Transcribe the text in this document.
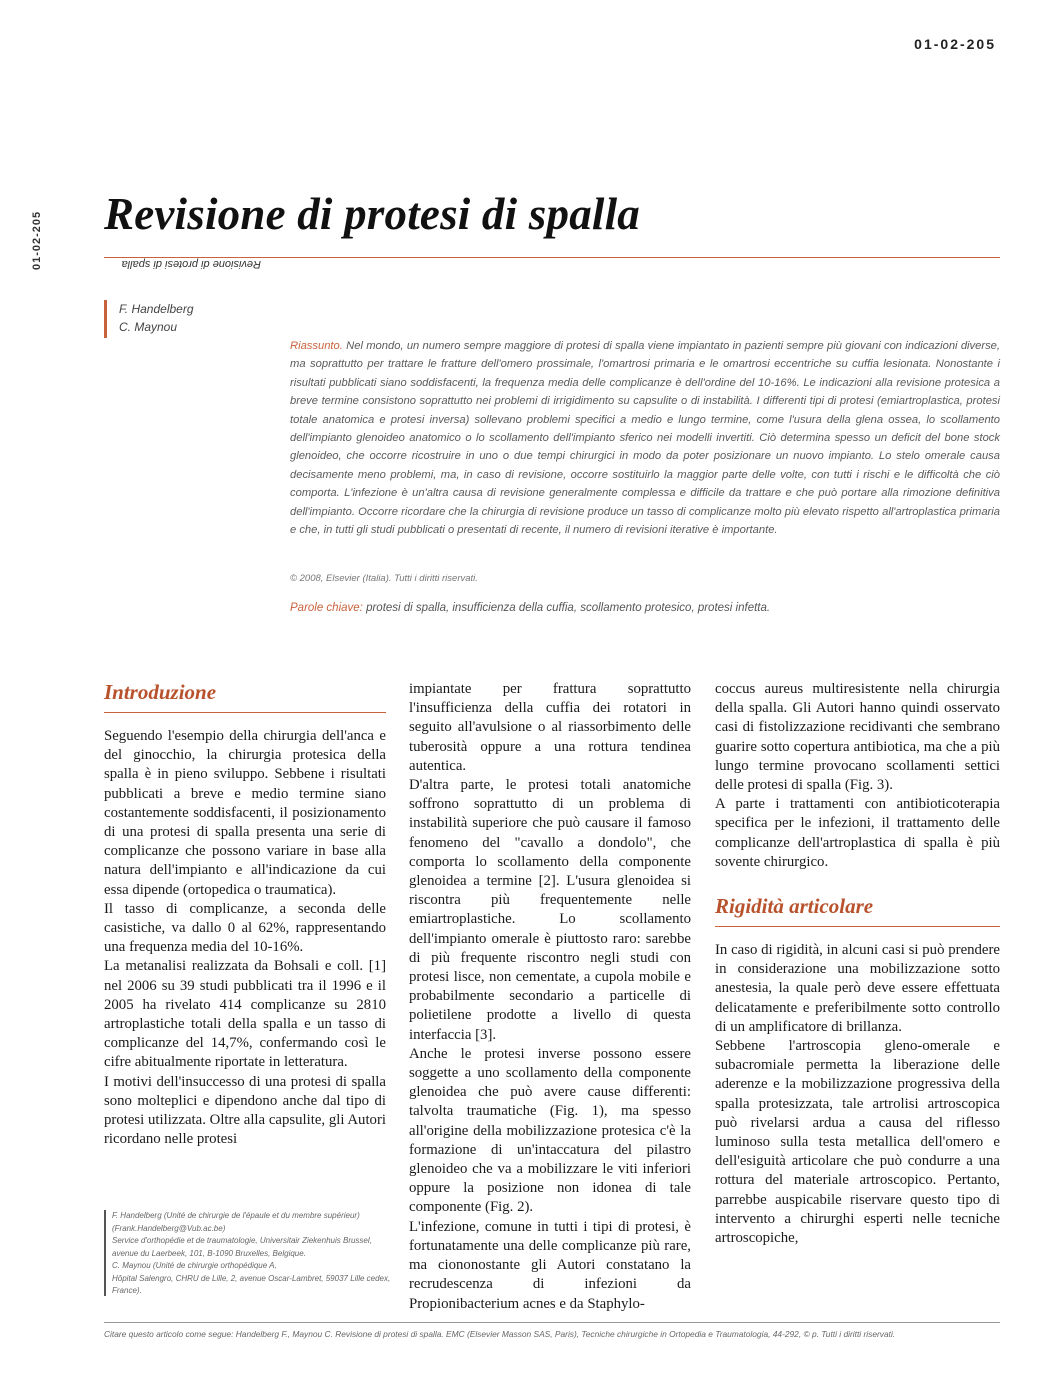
Revisione di protesi di spalla
01-02-205
01-02-205
Revisione di protesi di spalla
F. Handelberg
C. Maynou

Riassunto. Nel mondo, un numero sempre maggiore di protesi di spalla viene impiantato in pazienti sempre più giovani con indicazioni diverse, ma soprattutto per trattare le fratture dell'omero prossimale, l'omartrosi primaria e le omartrosi eccentriche su cuffia lesionata. Nonostante i risultati pubblicati siano soddisfacenti, la frequenza media delle complicanze è dell'ordine del 10-16%. Le indicazioni alla revisione protesica a breve termine consistono soprattutto nei problemi di irrigidimento su capsulite o di instabilità. I differenti tipi di protesi (emiartroplastica, protesi totale anatomica e protesi inversa) sollevano problemi specifici a medio e lungo termine, come l'usura della glena ossea, lo scollamento dell'impianto glenoideo anatomico o lo scollamento dell'impianto sferico nei modelli invertiti. Ciò determina spesso un deficit del bone stock glenoideo, che occorre ricostruire in uno o due tempi chirurgici in modo da poter posizionare un nuovo impianto. Lo stelo omerale causa decisamente meno problemi, ma, in caso di revisione, occorre sostituirlo la maggior parte delle volte, con tutti i rischi e le difficoltà che ciò comporta. L'infezione è un'altra causa di revisione generalmente complessa e difficile da trattare e che può portare alla rimozione definitiva dell'impianto. Occorre ricordare che la chirurgia di revisione produce un tasso di complicanze molto più elevato rispetto all'artroplastica primaria e che, in tutti gli studi pubblicati o presentati di recente, il numero di revisioni iterative è importante.

© 2008, Elsevier (Italia). Tutti i diritti riservati.
Parole chiave: protesi di spalla, insufficienza della cuffia, scollamento protesico, protesi infetta.
Introduzione

Seguendo l'esempio della chirurgia dell'anca e del ginocchio, la chirurgia protesica della spalla è in pieno sviluppo. Sebbene i risultati pubblicati a breve e medio termine siano costantemente soddisfacenti, il posizionamento di una protesi di spalla presenta una serie di complicanze che possono variare in base alla natura dell'impianto e all'indicazione da cui essa dipende (ortopedica o traumatica).

Il tasso di complicanze, a seconda delle casistiche, va dallo 0 al 62%, rappresentando una frequenza media del 10-16%.

La metanalisi realizzata da Bohsali e coll. [1] nel 2006 su 39 studi pubblicati tra il 1996 e il 2005 ha rivelato 414 complicanze su 2810 artroplastiche totali della spalla e un tasso di complicanze del 14,7%, confermando così le cifre abitualmente riportate in letteratura.

I motivi dell'insuccesso di una protesi di spalla sono molteplici e dipendono anche dal tipo di protesi utilizzata. Oltre alla capsulite, gli Autori ricordano nelle protesi

impiantate per frattura soprattutto l'insufficienza della cuffia dei rotatori in seguito all'avulsione o al riassorbimento delle tuberosità oppure a una rottura tendinea autentica.

D'altra parte, le protesi totali anatomiche soffrono soprattutto di un problema di instabilità superiore che può causare il famoso fenomeno del "cavallo a dondolo", che comporta lo scollamento della componente glenoidea a termine [2]. L'usura glenoidea si riscontra più frequentemente nelle emiartroplastiche. Lo scollamento dell'impianto omerale è piuttosto raro: sarebbe di più frequente riscontro negli studi con protesi lisce, non cementate, a cupola mobile e probabilmente secondario a particelle di polietilene prodotte a livello di questa interfaccia [3].

Anche le protesi inverse possono essere soggette a uno scollamento della componente glenoidea che può avere cause differenti: talvolta traumatiche (Fig. 1), ma spesso all'origine della mobilizzazione protesica c'è la formazione di un'intaccatura del pilastro glenoideo che va a mobilizzare le viti inferiori oppure la posizione non idonea di tale componente (Fig. 2).

L'infezione, comune in tutti i tipi di protesi, è fortunatamente una delle complicanze più rare, ma ciononostante gli Autori constatano la recrudescenza di infezioni da Propionibacterium acnes e da Staphylo-

coccus aureus multiresistente nella chirurgia della spalla. Gli Autori hanno quindi osservato casi di fistolizzazione recidivanti che sembrano guarire sotto copertura antibiotica, ma che a più lungo termine provocano scollamenti settici delle protesi di spalla (Fig. 3).

A parte i trattamenti con antibioticoterapia specifica per le infezioni, il trattamento delle complicanze dell'artroplastica di spalla è più sovente chirurgico.

Rigidità articolare

In caso di rigidità, in alcuni casi si può prendere in considerazione una mobilizzazione sotto anestesia, la quale però deve essere effettuata delicatamente e preferibilmente sotto controllo di un amplificatore di brillanza.

Sebbene l'artroscopia gleno-omerale e subacromiale permetta la liberazione delle aderenze e la mobilizzazione progressiva della spalla protesizzata, tale artrolisi artroscopica può rivelarsi ardua a causa del riflesso luminoso sulla testa metallica dell'omero e dell'esiguità articolare che può condurre a una rottura del materiale artroscopico. Pertanto, parrebbe auspicabile riservare questo tipo di intervento a chirurghi esperti nelle tecniche artroscopiche,

F. Handelberg (Unité de chirurgie de l'épaule et du membre supérieur) (Frank.Handelberg@Vub.ac.be)
Service d'orthopédie et de traumatologie, Universitair Ziekenhuis Brussel, avenue du Laerbeek, 101, B-1090 Bruxelles, Belgique.
C. Maynou (Unité de chirurgie orthopédique A,
Hôpital Salengro, CHRU de Lille, 2, avenue Oscar-Lambret, 59037 Lille cedex, France).
Citare questo articolo come segue: Handelberg F., Maynou C. Revisione di protesi di spalla. EMC (Elsevier Masson SAS, Paris), Tecniche chirurgiche in Ortopedia e Traumatologia, 44-292, © p. Tutti i diritti riservati.
